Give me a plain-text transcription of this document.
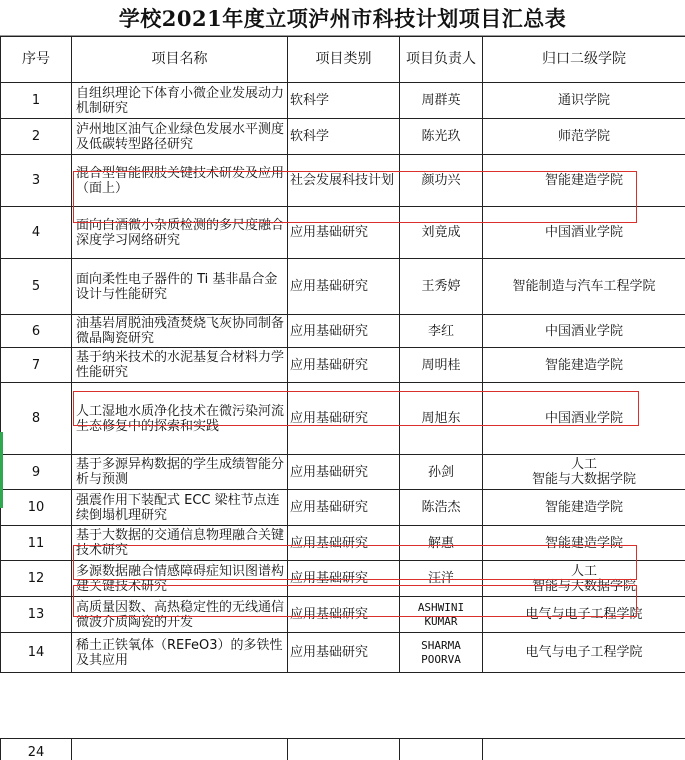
学校2021年度立项泸州市科技计划项目汇总表
序号	项目名称	项目类别	项目负责人	归口二级学院
1	自组织理论下体育小微企业发展动力机制研究	软科学	周群英	通识学院
2	泸州地区油气企业绿色发展水平测度及低碳转型路径研究	软科学	陈光玖	师范学院
3	混合型智能假肢关键技术研发及应用（面上）	社会发展科技计划	颜功兴	智能建造学院
4	面向白酒微小杂质检测的多尺度融合深度学习网络研究	应用基础研究	刘竟成	中国酒业学院
5	面向柔性电子器件的 Ti 基非晶合金设计与性能研究	应用基础研究	王秀婷	智能制造与汽车工程学院
6	油基岩屑脱油残渣焚烧飞灰协同制备微晶陶瓷研究	应用基础研究	李红	中国酒业学院
7	基于纳米技术的水泥基复合材料力学性能研究	应用基础研究	周明桂	智能建造学院
8	人工湿地水质净化技术在微污染河流生态修复中的探索和实践	应用基础研究	周旭东	中国酒业学院
9	基于多源异构数据的学生成绩智能分析与预测	应用基础研究	孙剑	人工
智能与大数据学院
10	强震作用下装配式 ECC 梁柱节点连续倒塌机理研究	应用基础研究	陈浩杰	智能建造学院
11	基于大数据的交通信息物理融合关键技术研究	应用基础研究	解惠	智能建造学院
12	多源数据融合情感障碍症知识图谱构建关键技术研究	应用基础研究	汪洋	人工
智能与大数据学院
13	高质量因数、高热稳定性的无线通信微波介质陶瓷的开发	应用基础研究	ASHWINI KUMAR	电气与电子工程学院
14	稀土正铁氧体（REFeO3）的多铁性及其应用	应用基础研究	SHARMA POORVA	电气与电子工程学院
24				
